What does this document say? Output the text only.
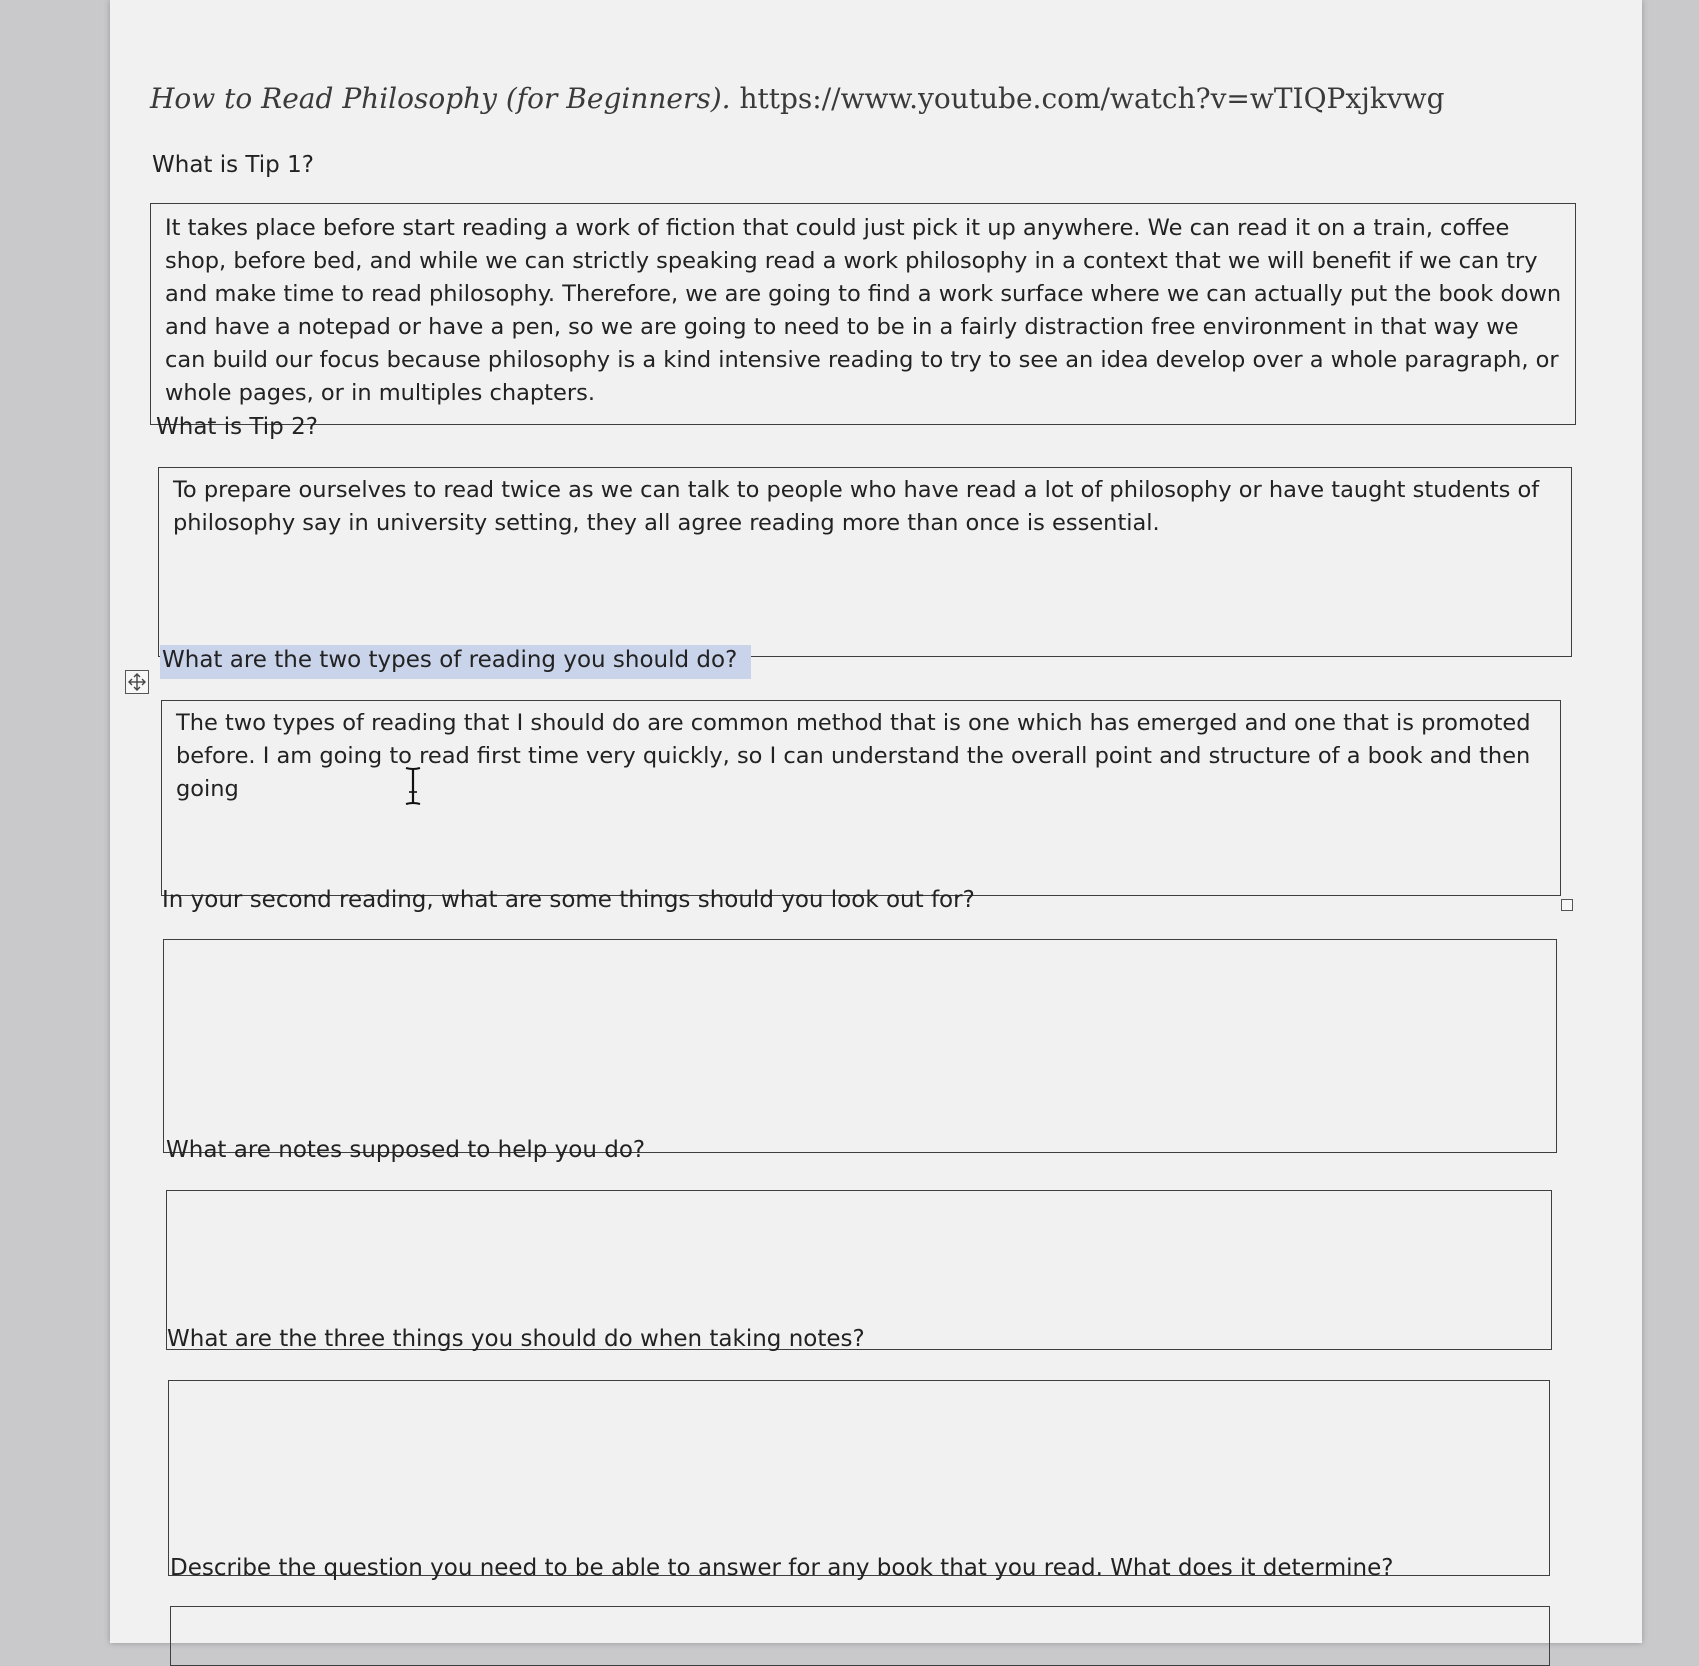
How to Read Philosophy (for Beginners). https://www.youtube.com/watch?v=wTIQPxjkvwg
What is Tip 1?

It takes place before start reading a work of fiction that could just pick it up anywhere. We can read it on a train, coffee shop, before bed, and while we can strictly speaking read a work philosophy in a context that we will benefit if we can try and make time to read philosophy. Therefore, we are going to find a work surface where we can actually put the book down and have a notepad or have a pen, so we are going to need to be in a fairly distraction free environment in that way we can build our focus because philosophy is a kind intensive reading to try to see an idea develop over a whole paragraph, or whole pages, or in multiples chapters.

What is Tip 2?

To prepare ourselves to read twice as we can talk to people who have read a lot of philosophy or have taught students of philosophy say in university setting, they all agree reading more than once is essential.

What are the two types of reading you should do?

The two types of reading that I should do are common method that is one which has emerged and one that is promoted before. I am going to read first time very quickly, so I can understand the overall point and structure of a book and then going

In your second reading, what are some things should you look out for?

What are notes supposed to help you do?

What are the three things you should do when taking notes?

Describe the question you need to be able to answer for any book that you read. What does it determine?
